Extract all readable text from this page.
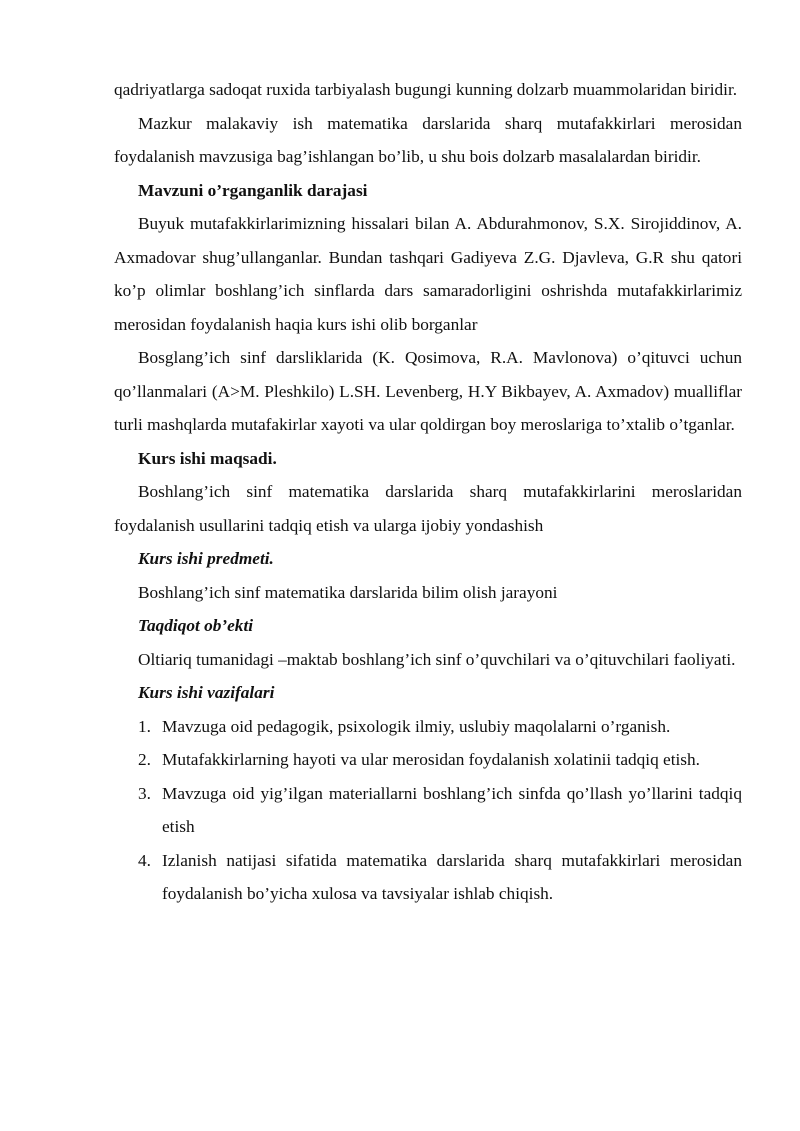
qadriyatlarga sadoqat ruxida tarbiyalash bugungi kunning dolzarb muammolaridan biridir.

Mazkur malakaviy ish matematika darslarida sharq mutafakkirlari merosidan foydalanish mavzusiga bag’ishlangan bo’lib, u shu bois dolzarb masalalardan biridir.

Mavzuni o’rganganlik darajasi

Buyuk mutafakkirlarimizning hissalari bilan A. Abdurahmonov, S.X. Sirojiddinov, A. Axmadovar shug’ullanganlar. Bundan tashqari Gadiyeva Z.G. Djavleva, G.R shu qatori ko’p olimlar boshlang’ich sinflarda dars samaradorligini oshrishda mutafakkirlarimiz merosidan foydalanish haqia kurs ishi olib borganlar

Bosglang’ich sinf darsliklarida (K. Qosimova, R.A. Mavlonova) o’qituvci uchun qo’llanmalari (A>M. Pleshkilo) L.SH. Levenberg, H.Y Bikbayev, A. Axmadov) mualliflar turli mashqlarda mutafakirlar xayoti va ular qoldirgan boy meroslariga to’xtalib o’tganlar.

Kurs ishi maqsadi.

Boshlang’ich sinf matematika darslarida sharq mutafakkirlarini meroslaridan foydalanish usullarini tadqiq etish va ularga ijobiy yondashish

Kurs ishi predmeti.

Boshlang’ich sinf matematika darslarida bilim olish jarayoni

Taqdiqot ob’ekti

Oltiariq tumanidagi –maktab boshlang’ich sinf o’quvchilari va o’qituvchilari faoliyati.

Kurs ishi vazifalari

1. Mavzuga oid pedagogik, psixologik ilmiy, uslubiy maqolalarni o’rganish.
2. Mutafakkirlarning hayoti va ular merosidan foydalanish xolatinii tadqiq etish.
3. Mavzuga oid yig’ilgan materiallarni boshlang’ich sinfda qo’llash yo’llarini tadqiq etish
4. Izlanish natijasi sifatida matematika darslarida sharq mutafakkirlari merosidan foydalanish bo’yicha xulosa va tavsiyalar ishlab chiqish.
